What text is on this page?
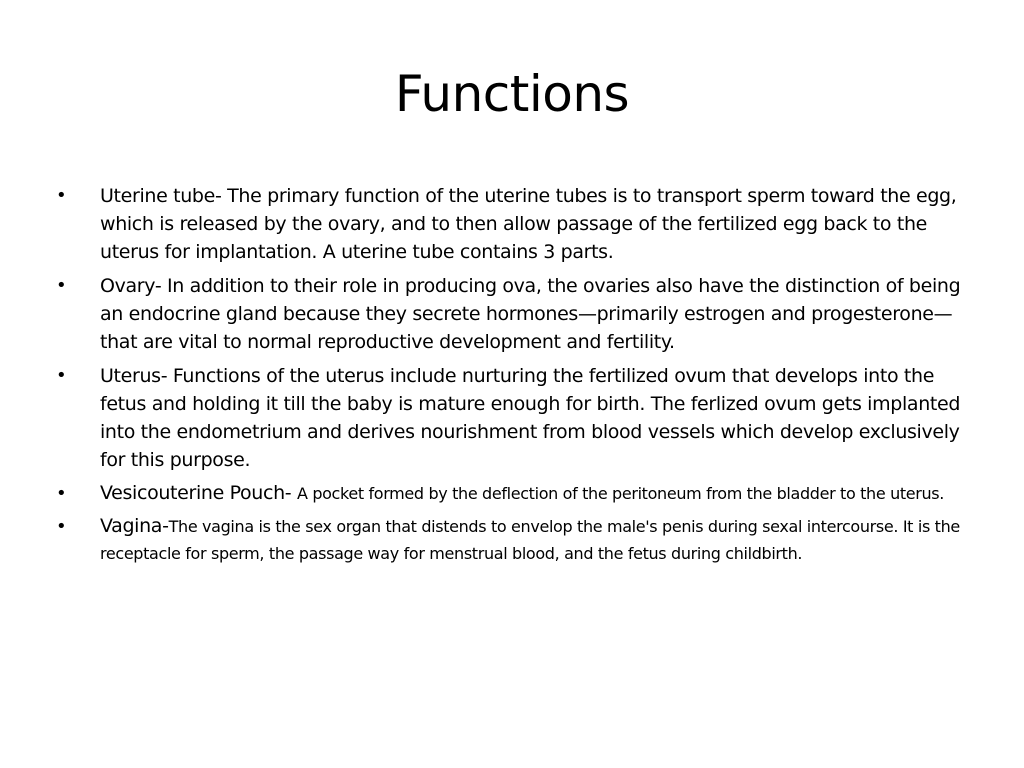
Functions
• Uterine tube- The primary function of the uterine tubes is to transport sperm toward the egg, which is released by the ovary, and to then allow passage of the fertilized egg back to the uterus for implantation. A uterine tube contains 3 parts.
• Ovary- In addition to their role in producing ova, the ovaries also have the distinction of being an endocrine gland because they secrete hormones—primarily estrogen and progesterone—that are vital to normal reproductive development and fertility.
• Uterus- Functions of the uterus include nurturing the fertilized ovum that develops into the fetus and holding it till the baby is mature enough for birth. The ferlized ovum gets implanted into the endometrium and derives nourishment from blood vessels which develop exclusively for this purpose.
• Vesicouterine Pouch- A pocket formed by the deflection of the peritoneum from the bladder to the uterus.
• Vagina-The vagina is the sex organ that distends to envelop the male's penis during sexal intercourse. It is the receptacle for sperm, the passage way for menstrual blood, and the fetus during childbirth.
